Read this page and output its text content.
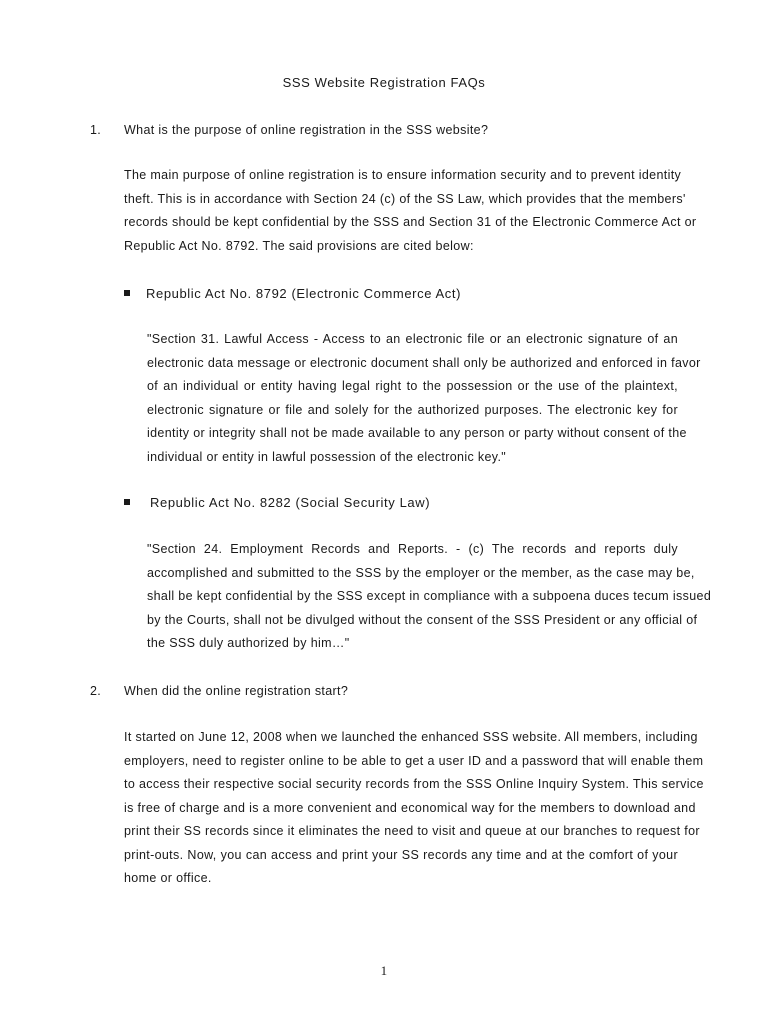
SSS Website Registration FAQs
1. What is the purpose of online registration in the SSS website?
The main purpose of online registration is to ensure information security and to prevent identity
theft. This is in accordance with Section 24 (c) of the SS Law, which provides that the members'
records should be kept confidential by the SSS and Section 31 of the Electronic Commerce Act or
Republic Act No. 8792. The said provisions are cited below:
Republic Act No. 8792 (Electronic Commerce Act)
"Section 31. Lawful Access - Access to an electronic file or an electronic signature of an
electronic data message or electronic document shall only be authorized and enforced in favor
of an individual or entity having legal right to the possession or the use of the plaintext,
electronic signature or file and solely for the authorized purposes. The electronic key for
identity or integrity shall not be made available to any person or party without consent of the
individual or entity in lawful possession of the electronic key."
Republic Act No. 8282 (Social Security Law)
"Section 24. Employment Records and Reports. - (c) The records and reports duly
accomplished and submitted to the SSS by the employer or the member, as the case may be,
shall be kept confidential by the SSS except in compliance with a subpoena duces tecum issued
by the Courts, shall not be divulged without the consent of the SSS President or any official of
the SSS duly authorized by him…"
2. When did the online registration start?
It started on June 12, 2008 when we launched the enhanced SSS website. All members, including
employers, need to register online to be able to get a user ID and a password that will enable them
to access their respective social security records from the SSS Online Inquiry System. This service
is free of charge and is a more convenient and economical way for the members to download and
print their SS records since it eliminates the need to visit and queue at our branches to request for
print-outs. Now, you can access and print your SS records any time and at the comfort of your
home or office.
1
